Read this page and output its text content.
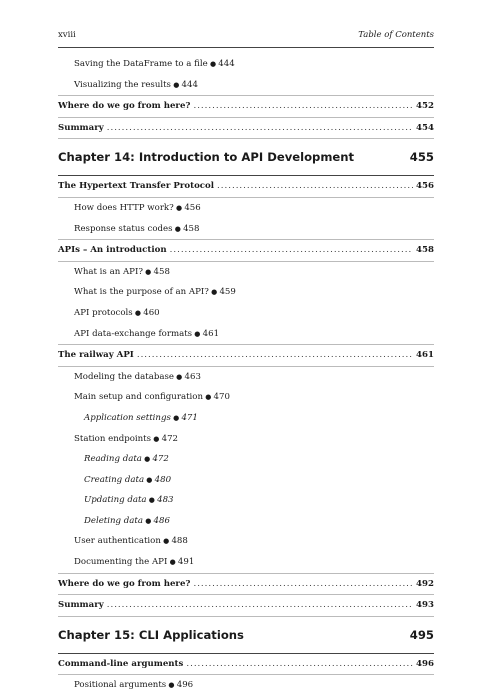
xviii	Table of Contents
Saving the DataFrame to a file ● 444
Visualizing the results ● 444
Where do we go from here? .....	452
Summary .....	454
Chapter 14: Introduction to API Development	455
The Hypertext Transfer Protocol .....	456
How does HTTP work? ● 456
Response status codes ● 458
APIs – An introduction .....	458
What is an API? ● 458
What is the purpose of an API? ● 459
API protocols ● 460
API data-exchange formats ● 461
The railway API .....	461
Modeling the database ● 463
Main setup and configuration ● 470
Application settings ● 471
Station endpoints ● 472
Reading data ● 472
Creating data ● 480
Updating data ● 483
Deleting data ● 486
User authentication ● 488
Documenting the API ● 491
Where do we go from here? .....	492
Summary .....	493
Chapter 15: CLI Applications	495
Command-line arguments .....	496
Positional arguments ● 496
